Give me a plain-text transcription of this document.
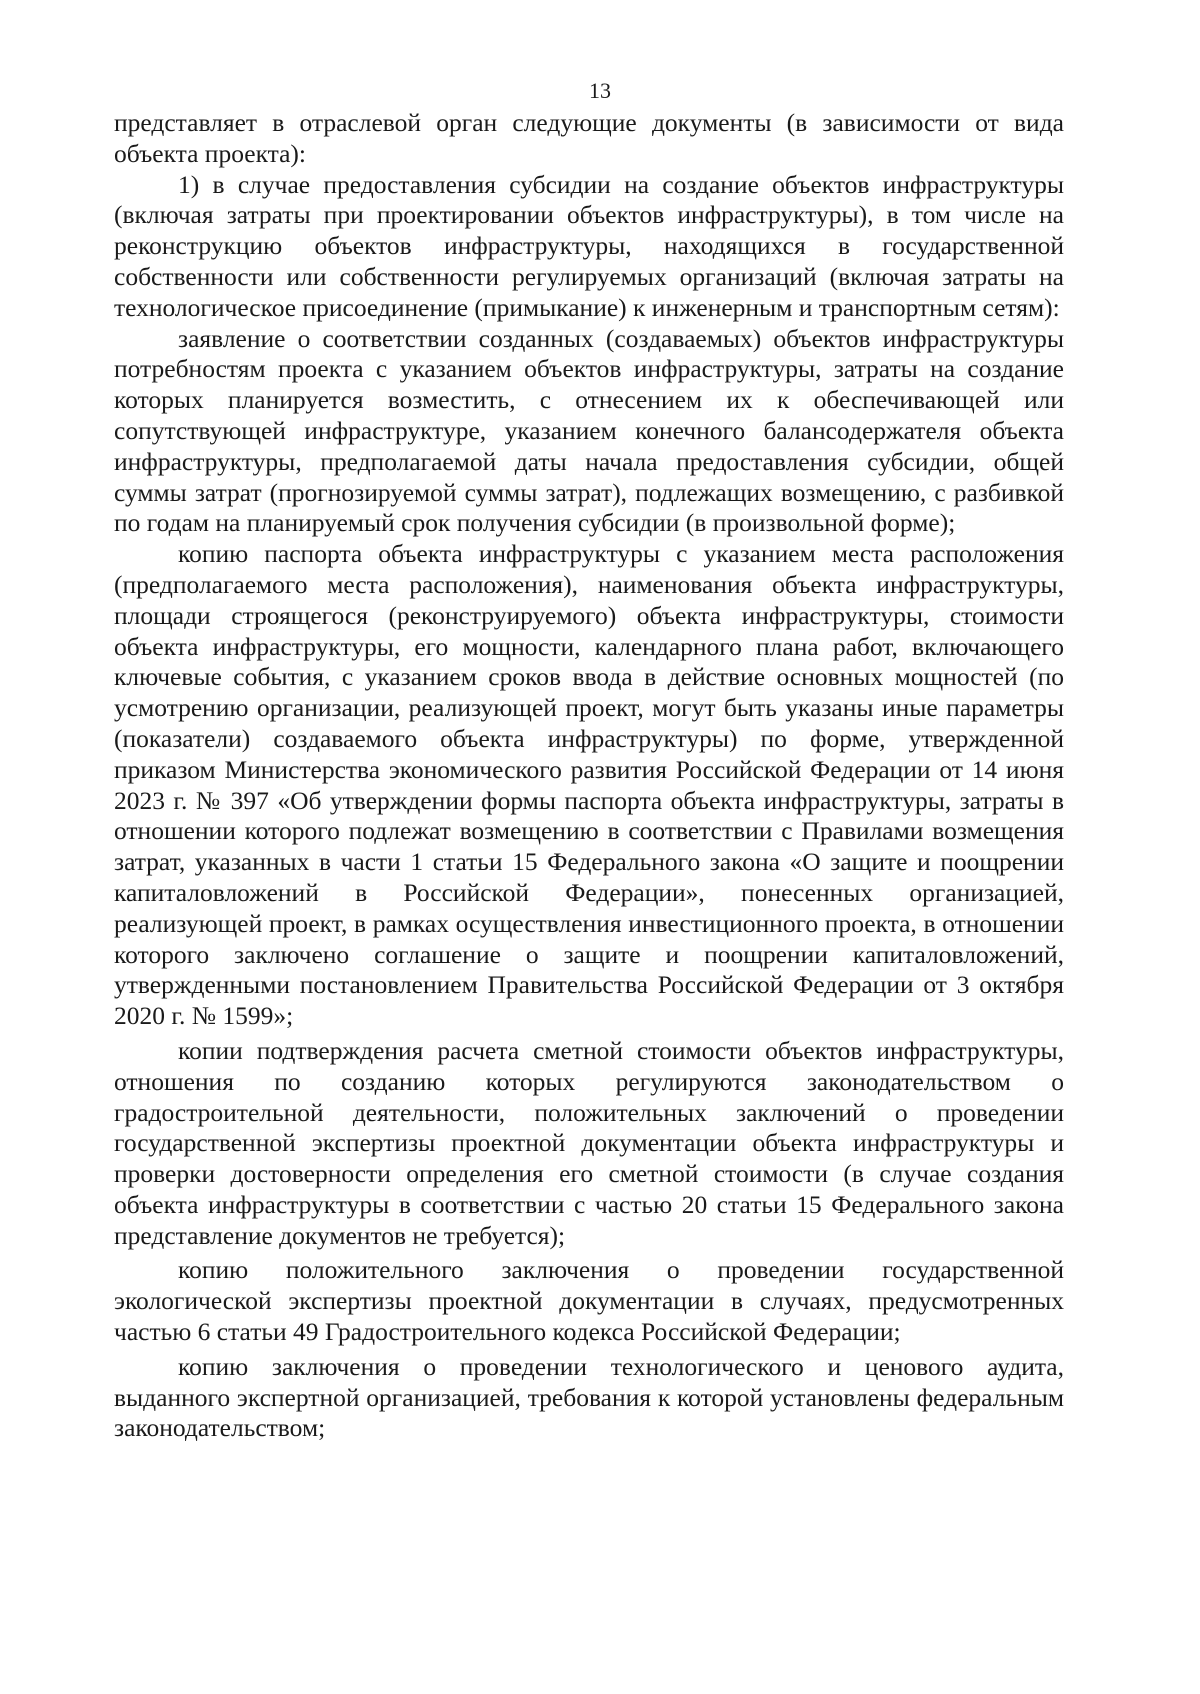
13

представляет в отраслевой орган следующие документы (в зависимости от вида объекта проекта):

1) в случае предоставления субсидии на создание объектов инфраструктуры (включая затраты при проектировании объектов инфраструктуры), в том числе на реконструкцию объектов инфраструктуры, находящихся в государственной собственности или собственности регулируемых организаций (включая затраты на технологическое присоединение (примыкание) к инженерным и транспортным сетям):

заявление о соответствии созданных (создаваемых) объектов инфраструктуры потребностям проекта с указанием объектов инфраструктуры, затраты на создание которых планируется возместить, с отнесением их к обеспечивающей или сопутствующей инфраструктуре, указанием конечного балансодержателя объекта инфраструктуры, предполагаемой даты начала предоставления субсидии, общей суммы затрат (прогнозируемой суммы затрат), подлежащих возмещению, с разбивкой по годам на планируемый срок получения субсидии (в произвольной форме);

копию паспорта объекта инфраструктуры с указанием места расположения (предполагаемого места расположения), наименования объекта инфраструктуры, площади строящегося (реконструируемого) объекта инфраструктуры, стоимости объекта инфраструктуры, его мощности, календарного плана работ, включающего ключевые события, с указанием сроков ввода в действие основных мощностей (по усмотрению организации, реализующей проект, могут быть указаны иные параметры (показатели) создаваемого объекта инфраструктуры) по форме, утвержденной приказом Министерства экономического развития Российской Федерации от 14 июня 2023 г. № 397 «Об утверждении формы паспорта объекта инфраструктуры, затраты в отношении которого подлежат возмещению в соответствии с Правилами возмещения затрат, указанных в части 1 статьи 15 Федерального закона «О защите и поощрении капиталовложений в Российской Федерации», понесенных организацией, реализующей проект, в рамках осуществления инвестиционного проекта, в отношении которого заключено соглашение о защите и поощрении капиталовложений, утвержденными постановлением Правительства Российской Федерации от 3 октября 2020 г. № 1599»;

копии подтверждения расчета сметной стоимости объектов инфраструктуры, отношения по созданию которых регулируются законодательством о градостроительной деятельности, положительных заключений о проведении государственной экспертизы проектной документации объекта инфраструктуры и проверки достоверности определения его сметной стоимости (в случае создания объекта инфраструктуры в соответствии с частью 20 статьи 15 Федерального закона представление документов не требуется);

копию положительного заключения о проведении государственной экологической экспертизы проектной документации в случаях, предусмотренных частью 6 статьи 49 Градостроительного кодекса Российской Федерации;

копию заключения о проведении технологического и ценового аудита, выданного экспертной организацией, требования к которой установлены федеральным законодательством;
